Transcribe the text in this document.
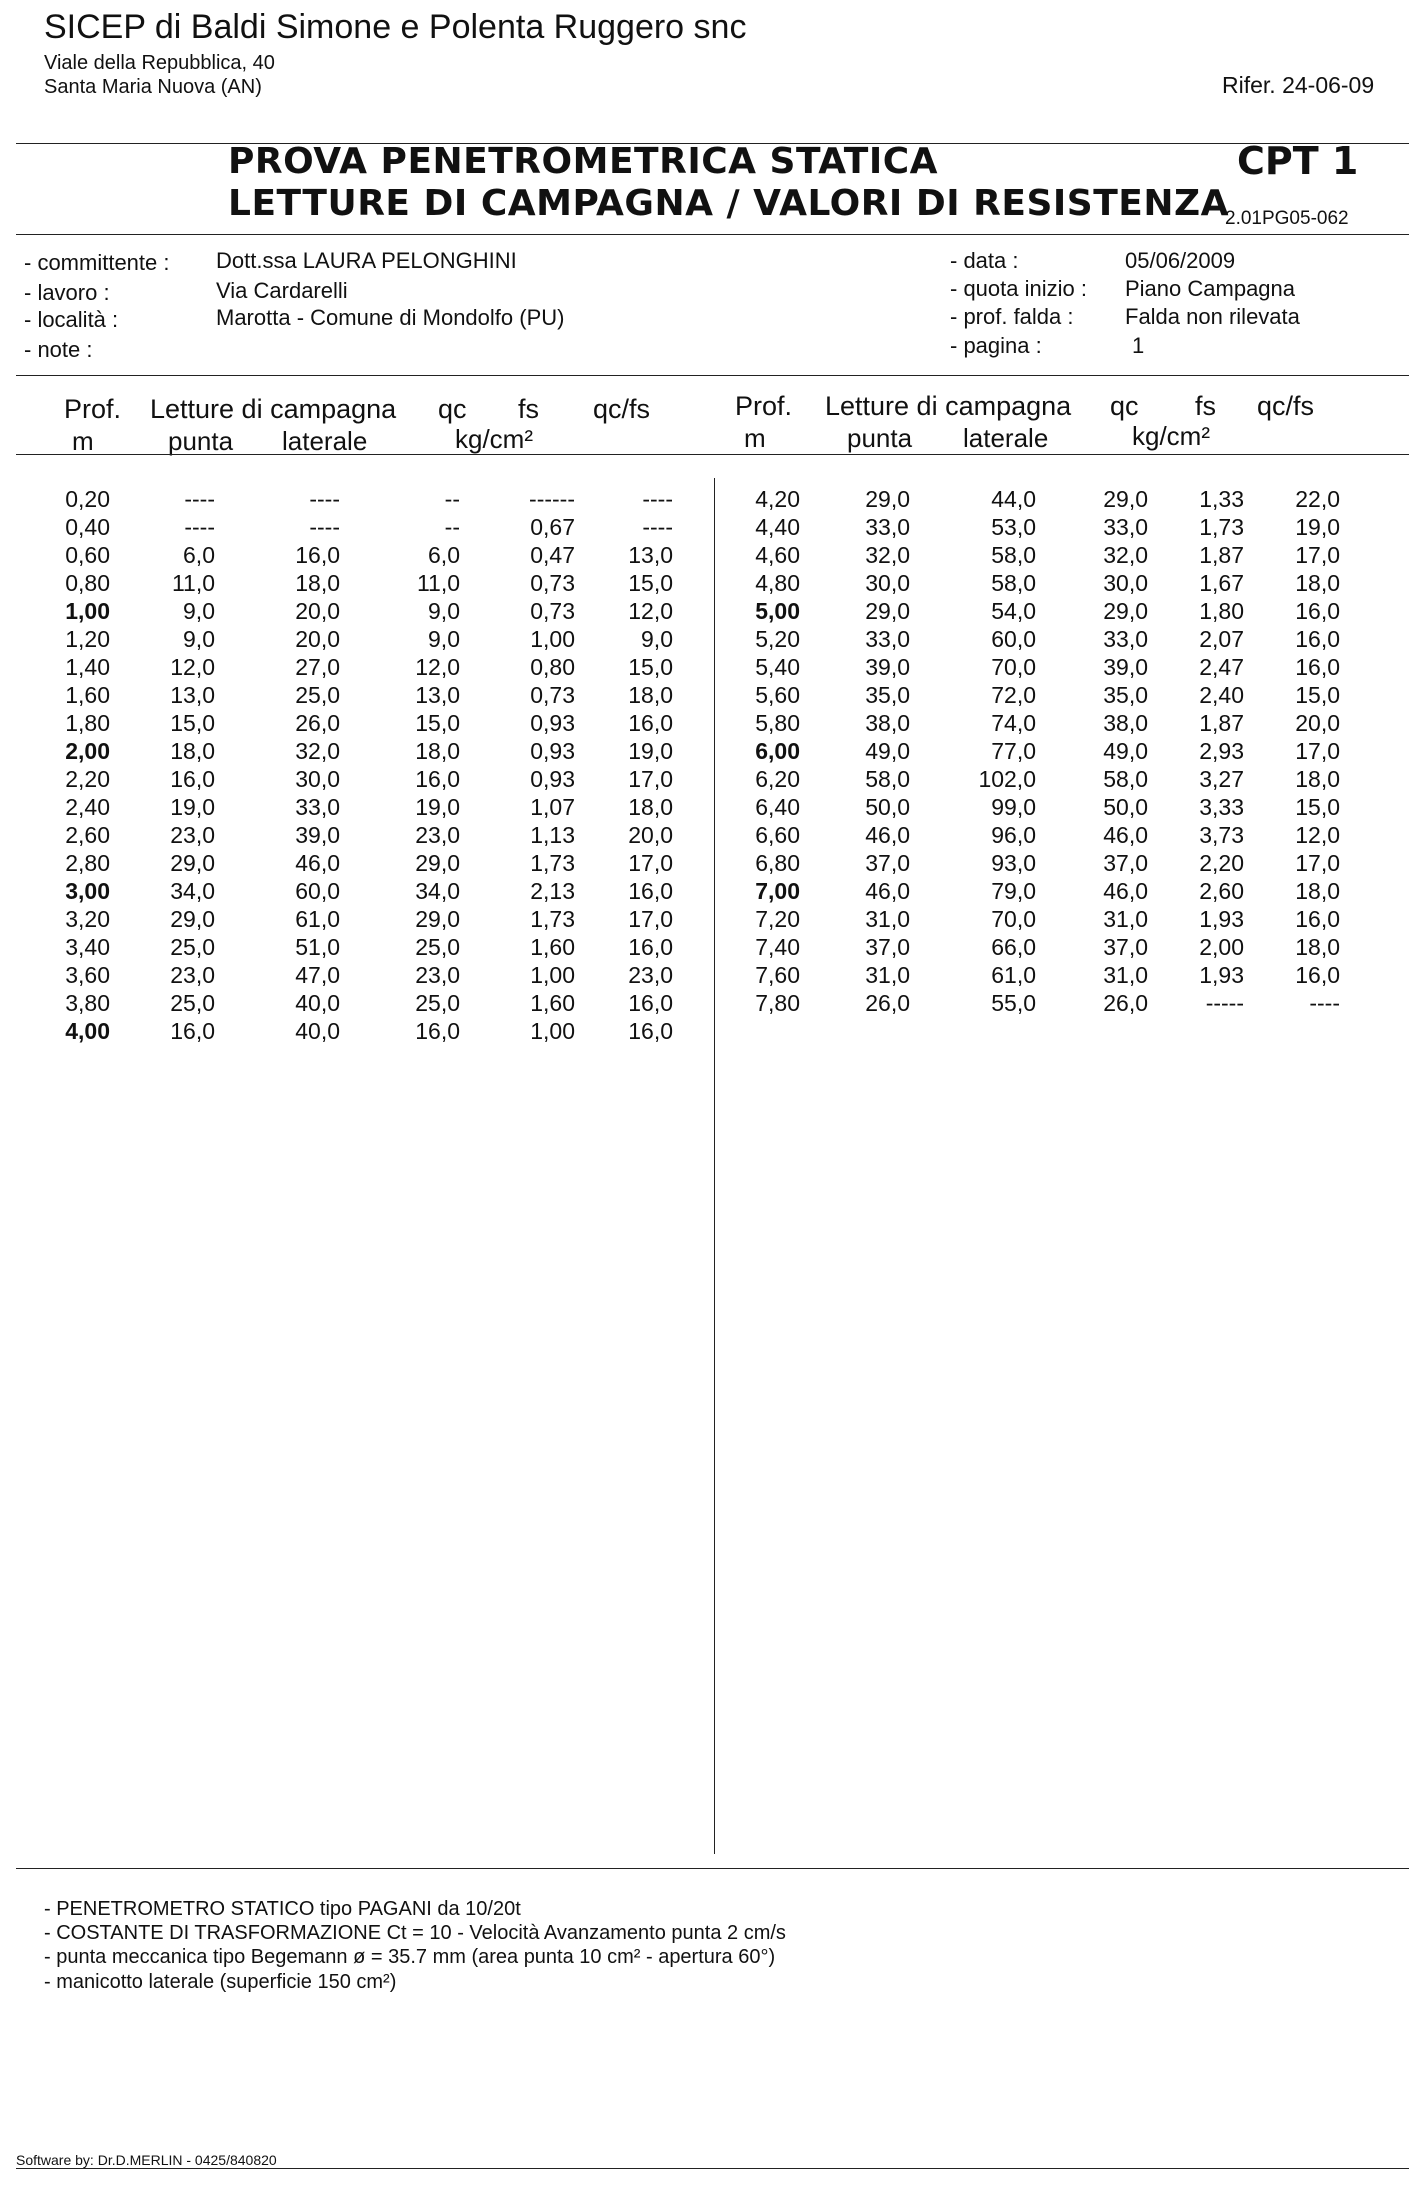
SICEP di Baldi Simone e Polenta Ruggero snc
Viale della Repubblica, 40
Santa Maria Nuova (AN)	Rifer. 24-06-09
PROVA PENETROMETRICA STATICA
LETTURE DI CAMPAGNA / VALORI DI RESISTENZA
CPT 1
2.01PG05-062
- committente : Dott.ssa LAURA PELONGHINI
- lavoro :	Via Cardarelli
- località :	Marotta - Comune di Mondolfo (PU)
- note :
- data :	05/06/2009
- quota inizio : Piano Campagna
- prof. falda : Falda non rilevata
- pagina :	1
Prof. Letture di campagna qc fs qc/fs
m	punta laterale	kg/cm²
Prof. Letture di campagna qc fs qc/fs
m	punta laterale	kg/cm²
0,20	----	----	--	------	----
0,40	----	----	--	0,67	----
0,60	6,0	16,0	6,0	0,47	13,0
0,80	11,0	18,0	11,0	0,73	15,0
1,00	9,0	20,0	9,0	0,73	12,0
1,20	9,0	20,0	9,0	1,00	9,0
1,40	12,0	27,0	12,0	0,80	15,0
1,60	13,0	25,0	13,0	0,73	18,0
1,80	15,0	26,0	15,0	0,93	16,0
2,00	18,0	32,0	18,0	0,93	19,0
2,20	16,0	30,0	16,0	0,93	17,0
2,40	19,0	33,0	19,0	1,07	18,0
2,60	23,0	39,0	23,0	1,13	20,0
2,80	29,0	46,0	29,0	1,73	17,0
3,00	34,0	60,0	34,0	2,13	16,0
3,20	29,0	61,0	29,0	1,73	17,0
3,40	25,0	51,0	25,0	1,60	16,0
3,60	23,0	47,0	23,0	1,00	23,0
3,80	25,0	40,0	25,0	1,60	16,0
4,00	16,0	40,0	16,0	1,00	16,0
4,20	29,0	44,0	29,0	1,33	22,0
4,40	33,0	53,0	33,0	1,73	19,0
4,60	32,0	58,0	32,0	1,87	17,0
4,80	30,0	58,0	30,0	1,67	18,0
5,00	29,0	54,0	29,0	1,80	16,0
5,20	33,0	60,0	33,0	2,07	16,0
5,40	39,0	70,0	39,0	2,47	16,0
5,60	35,0	72,0	35,0	2,40	15,0
5,80	38,0	74,0	38,0	1,87	20,0
6,00	49,0	77,0	49,0	2,93	17,0
6,20	58,0	102,0	58,0	3,27	18,0
6,40	50,0	99,0	50,0	3,33	15,0
6,60	46,0	96,0	46,0	3,73	12,0
6,80	37,0	93,0	37,0	2,20	17,0
7,00	46,0	79,0	46,0	2,60	18,0
7,20	31,0	70,0	31,0	1,93	16,0
7,40	37,0	66,0	37,0	2,00	18,0
7,60	31,0	61,0	31,0	1,93	16,0
7,80	26,0	55,0	26,0	-----	----
- PENETROMETRO STATICO tipo PAGANI da 10/20t
- COSTANTE DI TRASFORMAZIONE Ct = 10 - Velocità Avanzamento punta 2 cm/s
- punta meccanica tipo Begemann ø = 35.7 mm (area punta 10 cm² - apertura 60°)
- manicotto laterale (superficie 150 cm²)
Software by: Dr.D.MERLIN - 0425/840820
